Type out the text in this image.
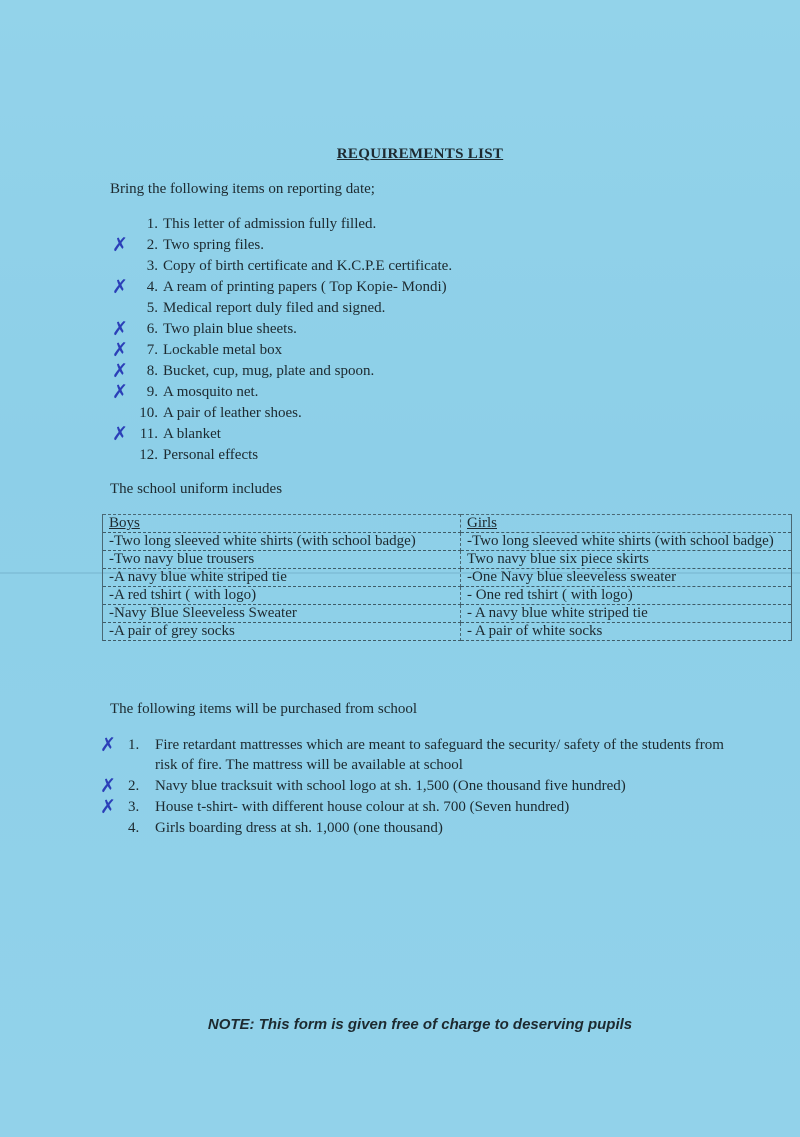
REQUIREMENTS LIST
Bring the following items on reporting date;
1. This letter of admission fully filled.
✗ 2. Two spring files.
3. Copy of birth certificate and K.C.P.E certificate.
✗ 4. A ream of printing papers ( Top Kopie- Mondi)
5. Medical report duly filed and signed.
✗ 6. Two plain blue sheets.
✗ 7. Lockable metal box
✗ 8. Bucket, cup, mug, plate and spoon.
✗ 9. A mosquito net.
10. A pair of leather shoes.
✗ 11. A blanket
12. Personal effects
The school uniform includes
Boys	Girls
-Two long sleeved white shirts (with school badge)	-Two long sleeved white shirts (with school badge)
-Two navy blue trousers	Two navy blue six piece skirts
-A navy blue white striped tie	-One Navy blue sleeveless sweater
-A red tshirt ( with logo)	- One red tshirt ( with logo)
-Navy Blue Sleeveless Sweater	- A navy blue white striped tie
-A pair of grey socks	- A pair of white socks
The following items will be purchased from school
✗ 1. Fire retardant mattresses which are meant to safeguard the security/ safety of the students from risk of fire. The mattress will be available at school
✗ 2. Navy blue tracksuit with school logo at sh. 1,500 (One thousand five hundred)
✗ 3. House t-shirt- with different house colour at sh. 700 (Seven hundred)
4. Girls boarding dress at sh. 1,000 (one thousand)
NOTE: This form is given free of charge to deserving pupils
